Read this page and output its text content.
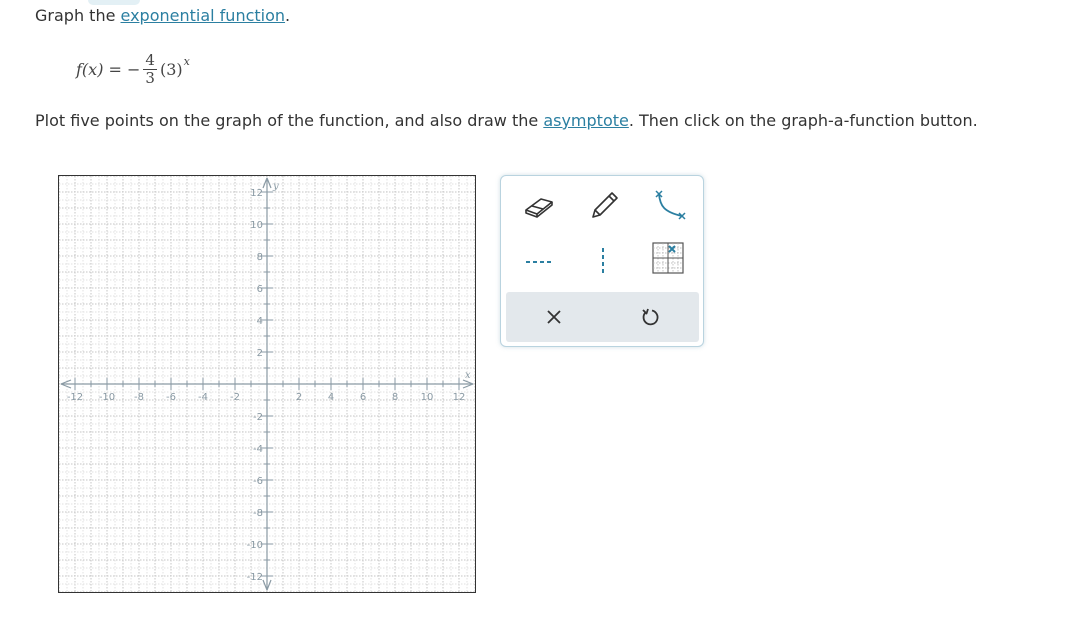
Graph the exponential function.
f(x) = − $\frac{4}{3} (3)$ x
Plot five points on the graph of the function, and also draw the asymptote. Then click on the graph-a-function button.
-12
-12
-10
-10
-8
-8
-6
-6
-4
-4
-2
-2
2
2
4
4
6
6
8
8
10
10
12
12
x
y
